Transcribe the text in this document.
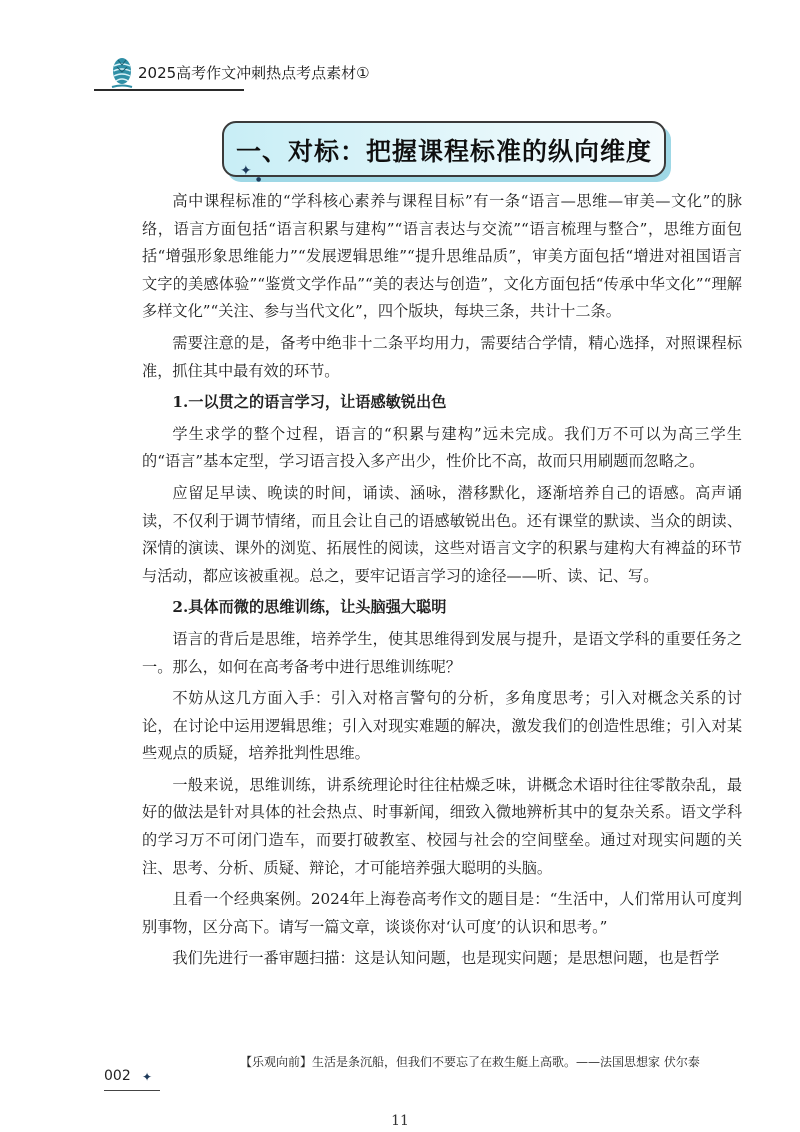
2025高考作文冲刺热点考点素材①
一、对标：把握课程标准的纵向维度
✦
●

高中课程标准的“学科核心素养与课程目标”有一条“语言—思维—审美—文化”的脉络，语言方面包括“语言积累与建构”“语言表达与交流”“语言梳理与整合”，思维方面包括“增强形象思维能力”“发展逻辑思维”“提升思维品质”，审美方面包括“增进对祖国语言文字的美感体验”“鉴赏文学作品”“美的表达与创造”，文化方面包括“传承中华文化”“理解多样文化”“关注、参与当代文化”，四个版块，每块三条，共计十二条。

需要注意的是，备考中绝非十二条平均用力，需要结合学情，精心选择，对照课程标准，抓住其中最有效的环节。

1.一以贯之的语言学习，让语感敏锐出色

学生求学的整个过程，语言的“积累与建构”远未完成。我们万不可以为高三学生的“语言”基本定型，学习语言投入多产出少，性价比不高，故而只用刷题而忽略之。

应留足早读、晚读的时间，诵读、涵咏，潜移默化，逐渐培养自己的语感。高声诵读，不仅利于调节情绪，而且会让自己的语感敏锐出色。还有课堂的默读、当众的朗读、深情的演读、课外的浏览、拓展性的阅读，这些对语言文字的积累与建构大有裨益的环节与活动，都应该被重视。总之，要牢记语言学习的途径——听、读、记、写。

2.具体而微的思维训练，让头脑强大聪明

语言的背后是思维，培养学生，使其思维得到发展与提升，是语文学科的重要任务之一。那么，如何在高考备考中进行思维训练呢？

不妨从这几方面入手：引入对格言警句的分析，多角度思考；引入对概念关系的讨论，在讨论中运用逻辑思维；引入对现实难题的解决，激发我们的创造性思维；引入对某些观点的质疑，培养批判性思维。

一般来说，思维训练，讲系统理论时往往枯燥乏味，讲概念术语时往往零散杂乱，最好的做法是针对具体的社会热点、时事新闻，细致入微地辨析其中的复杂关系。语文学科的学习万不可闭门造车，而要打破教室、校园与社会的空间壁垒。通过对现实问题的关注、思考、分析、质疑、辩论，才可能培养强大聪明的头脑。

且看一个经典案例。2024年上海卷高考作文的题目是：“生活中，人们常用认可度判别事物，区分高下。请写一篇文章，谈谈你对‘认可度’的认识和思考。”

我们先进行一番审题扫描：这是认知问题，也是现实问题；是思想问题，也是哲学

【乐观向前】生活是条沉船，但我们不要忘了在救生艇上高歌。——法国思想家 伏尔泰
002 ✦
11
